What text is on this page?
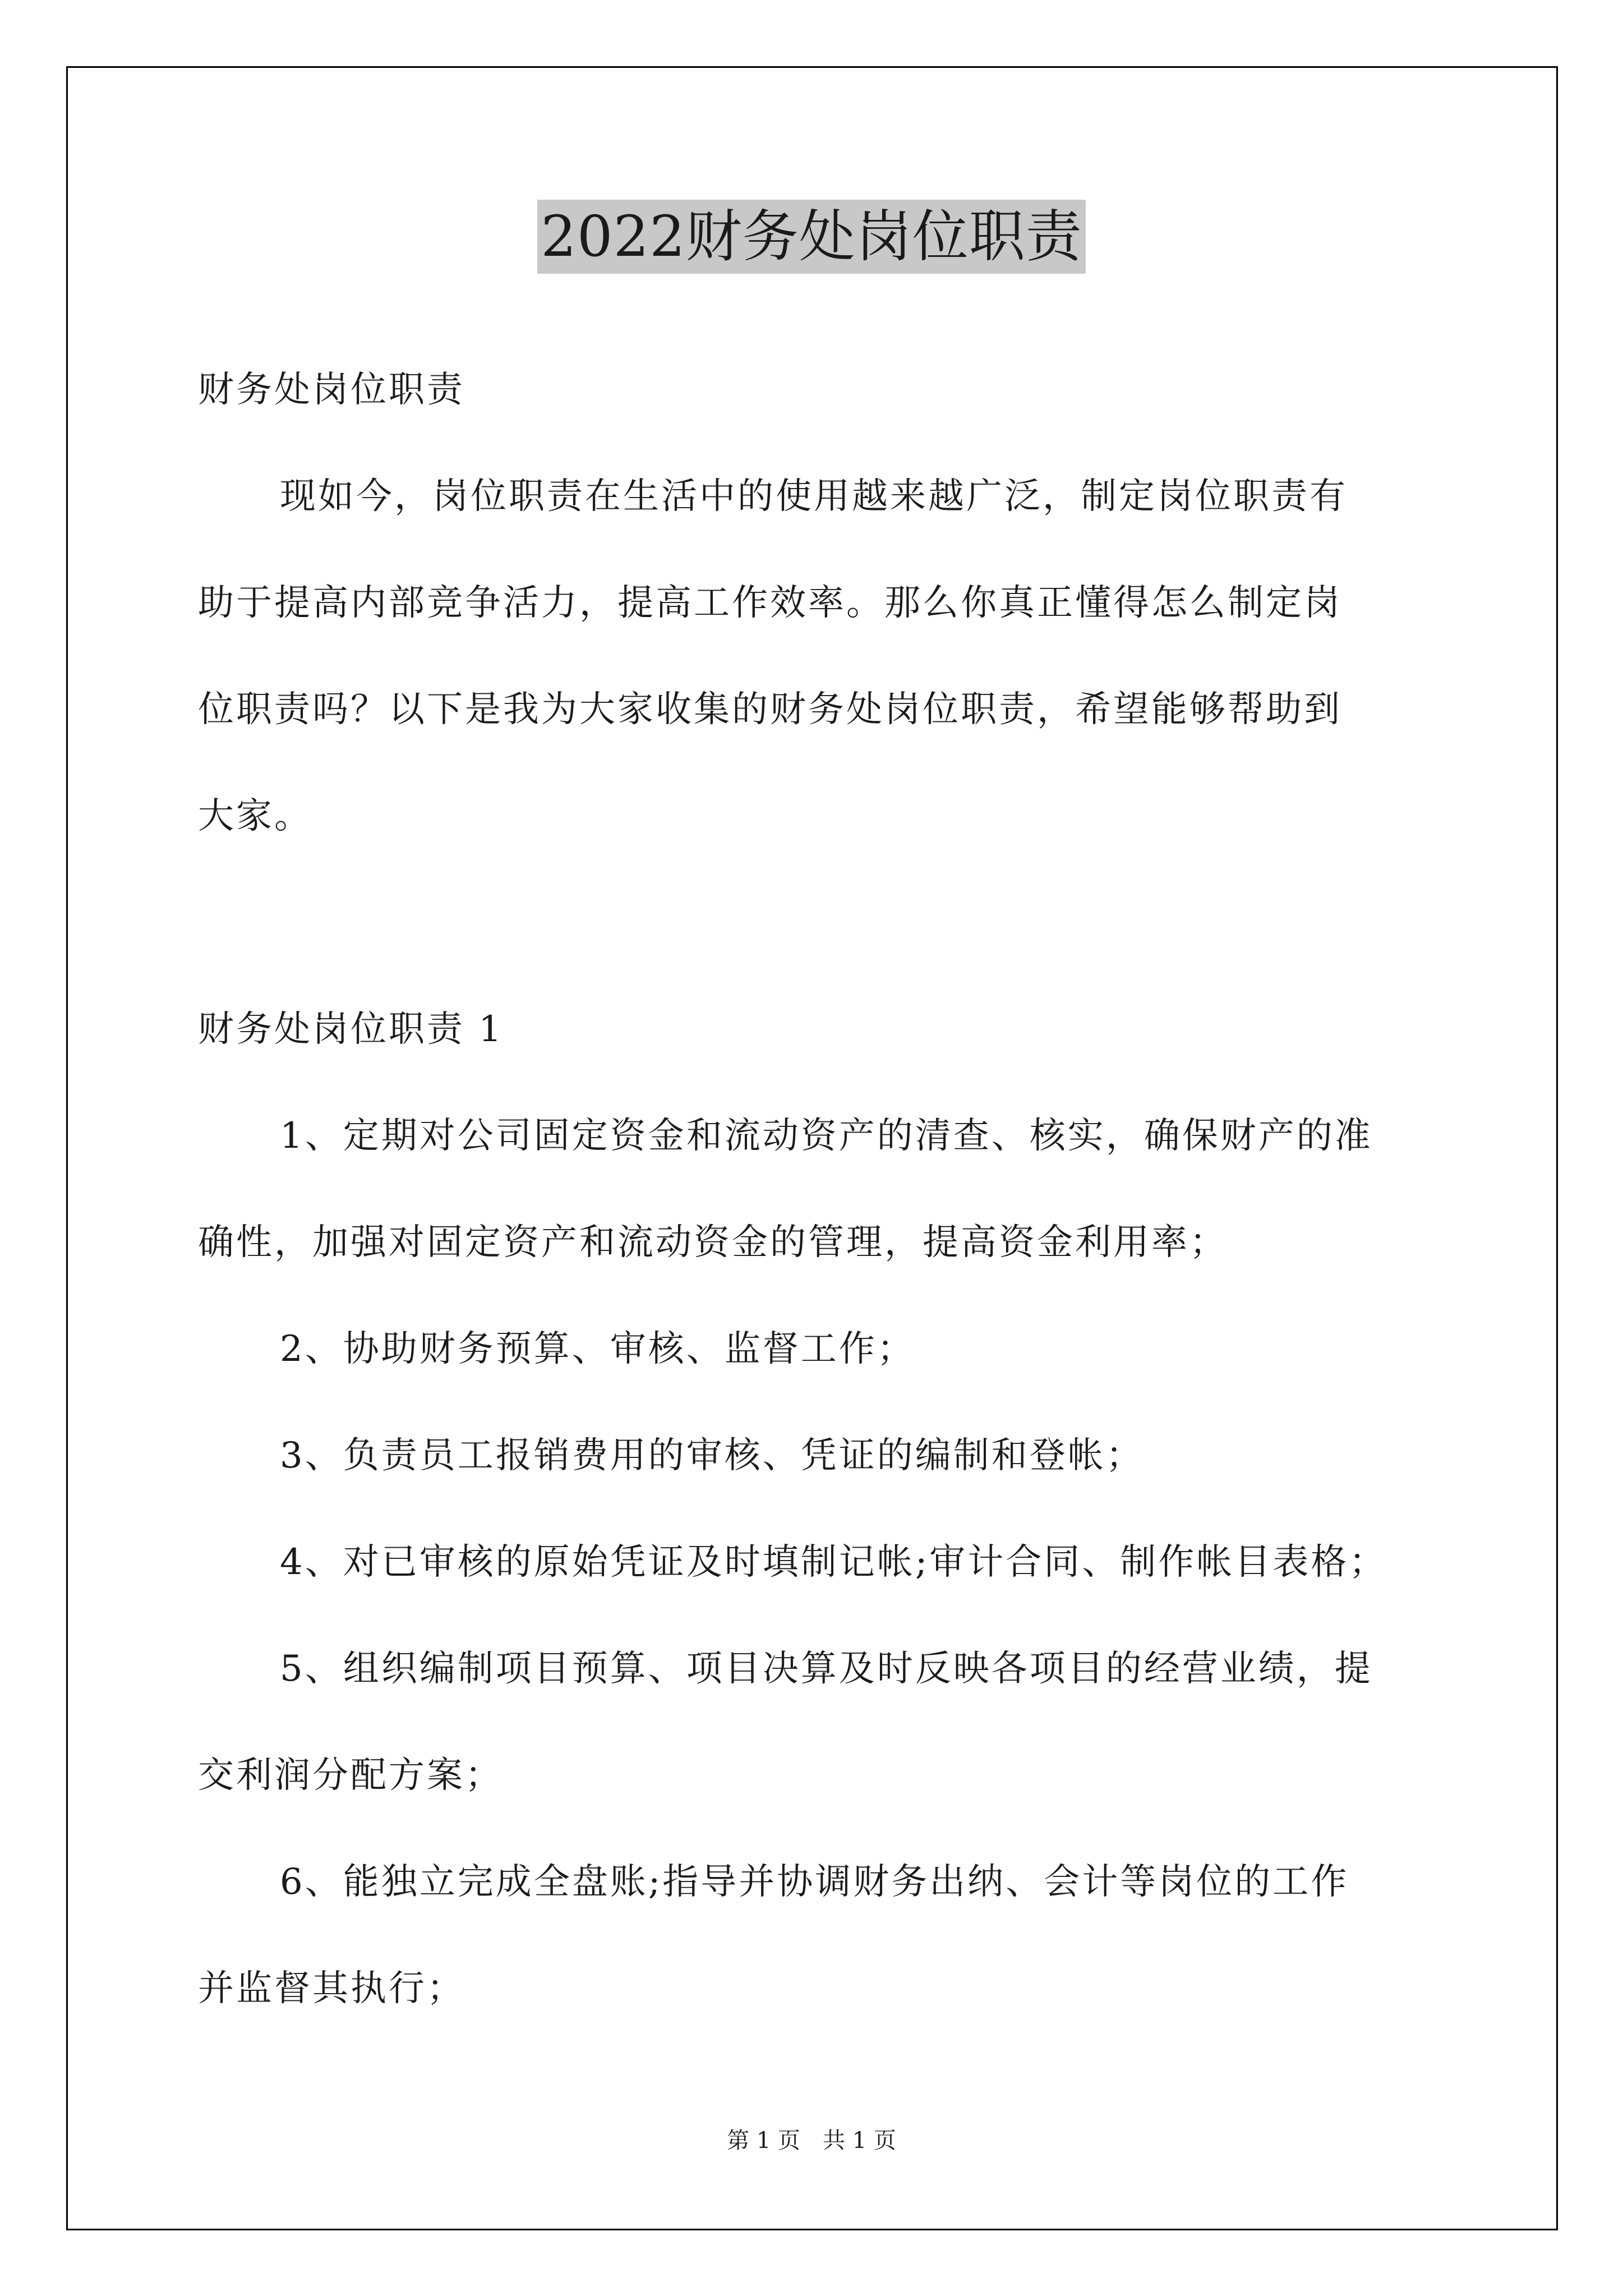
2022财务处岗位职责
财务处岗位职责
现如今，岗位职责在生活中的使用越来越广泛，制定岗位职责有
助于提高内部竞争活力，提高工作效率。那么你真正懂得怎么制定岗
位职责吗？以下是我为大家收集的财务处岗位职责，希望能够帮助到
大家。
财务处岗位职责 1
1、定期对公司固定资金和流动资产的清查、核实，确保财产的准
确性，加强对固定资产和流动资金的管理，提高资金利用率；
2、协助财务预算、审核、监督工作；
3、负责员工报销费用的审核、凭证的编制和登帐；
4、对已审核的原始凭证及时填制记帐;审计合同、制作帐目表格；
5、组织编制项目预算、项目决算及时反映各项目的经营业绩，提
交利润分配方案；
6、能独立完成全盘账;指导并协调财务出纳、会计等岗位的工作
并监督其执行；
第 1 页　共 1 页
